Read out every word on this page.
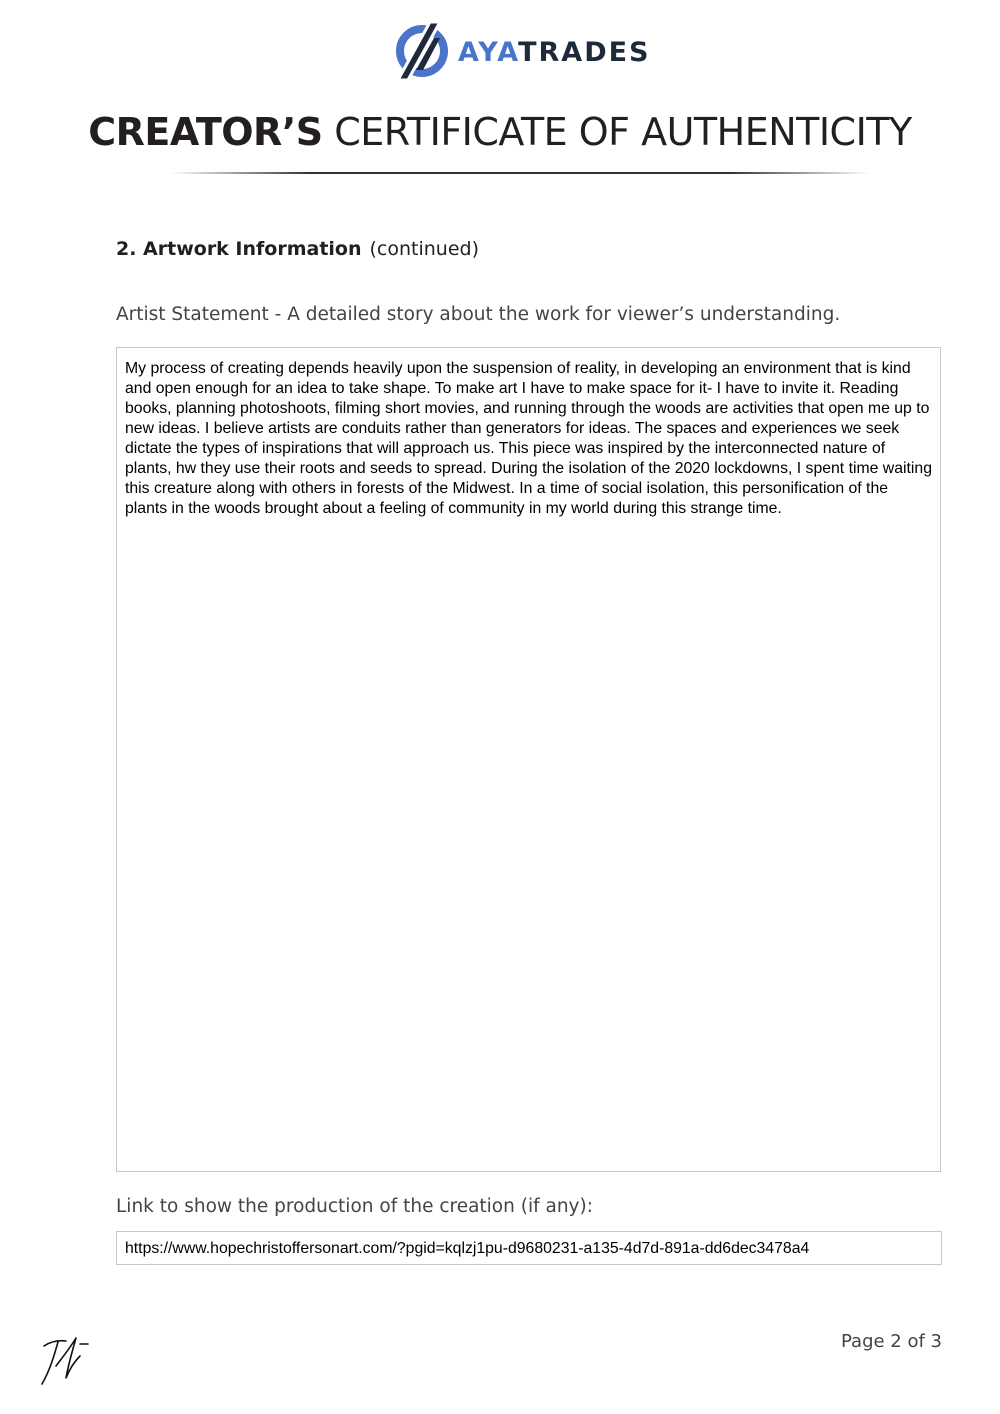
AYATRADES
CREATOR’S CERTIFICATE OF AUTHENTICITY
2. Artwork Information (continued)
Artist Statement - A detailed story about the work for viewer’s understanding.
My process of creating depends heavily upon the suspension of reality, in developing an environment that is kind and open enough for an idea to take shape. To make art I have to make space for it- I have to invite it. Reading books, planning photoshoots, filming short movies, and running through the woods are activities that open me up to new ideas. I believe artists are conduits rather than generators for ideas. The spaces and experiences we seek dictate the types of inspirations that will approach us. This piece was inspired by the interconnected nature of plants, hw they use their roots and seeds to spread. During the isolation of the 2020 lockdowns, I spent time waiting this creature along with others in forests of the Midwest. In a time of social isolation, this personification of the plants in the woods brought about a feeling of community in my world during this strange time.
Link to show the production of the creation (if any):
https://www.hopechristoffersonart.com/?pgid=kqlzj1pu-d9680231-a135-4d7d-891a-dd6dec3478a4
Page 2 of 3
